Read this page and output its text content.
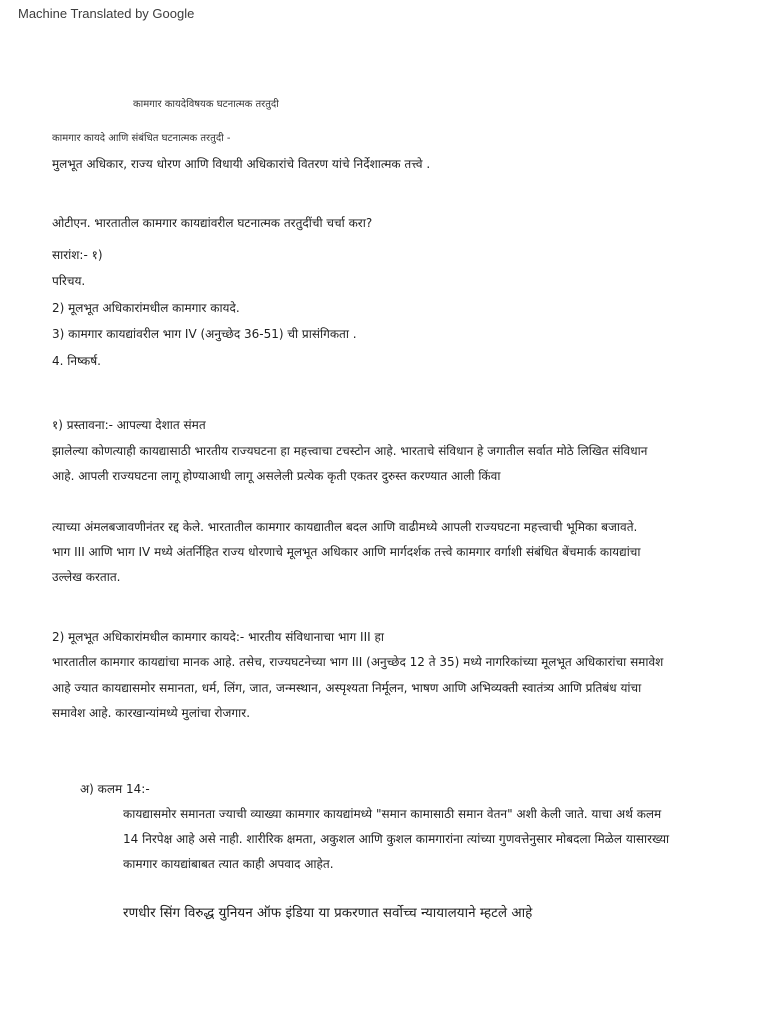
Machine Translated by Google
कामगार कायदेविषयक घटनात्मक तरतुदी
कामगार कायदे आणि संबंधित घटनात्मक तरतुदी -
मुलभूत अधिकार, राज्य धोरण आणि विधायी अधिकारांचे वितरण यांचे निर्देशात्मक तत्त्वे .
ओटीएन. भारतातील कामगार कायद्यांवरील घटनात्मक तरतुदींची चर्चा करा?
सारांश:- १)
परिचय.
2) मूलभूत अधिकारांमधील कामगार कायदे.
3) कामगार कायद्यांवरील भाग IV (अनुच्छेद 36-51) ची प्रासंगिकता .
4. निष्कर्ष.
१) प्रस्तावना:- आपल्या देशात संमत
झालेल्या कोणत्याही कायद्यासाठी भारतीय राज्यघटना हा महत्त्वाचा टचस्टोन आहे. भारताचे संविधान हे जगातील सर्वात मोठे लिखित संविधान
आहे. आपली राज्यघटना लागू होण्याआधी लागू असलेली प्रत्येक कृती एकतर दुरुस्त करण्यात आली किंवा
त्याच्या अंमलबजावणीनंतर रद्द केले. भारतातील कामगार कायद्यातील बदल आणि वाढीमध्ये आपली राज्यघटना महत्त्वाची भूमिका बजावते.
भाग III आणि भाग IV मध्ये अंतर्निहित राज्य धोरणाचे मूलभूत अधिकार आणि मार्गदर्शक तत्त्वे कामगार वर्गाशी संबंधित बेंचमार्क कायद्यांचा
उल्लेख करतात.
2) मूलभूत अधिकारांमधील कामगार कायदे:- भारतीय संविधानाचा भाग III हा
भारतातील कामगार कायद्यांचा मानक आहे. तसेच, राज्यघटनेच्या भाग III (अनुच्छेद 12 ते 35) मध्ये नागरिकांच्या मूलभूत अधिकारांचा समावेश
आहे ज्यात कायद्यासमोर समानता, धर्म, लिंग, जात, जन्मस्थान, अस्पृश्यता निर्मूलन, भाषण आणि अभिव्यक्ती स्वातंत्र्य आणि प्रतिबंध यांचा
समावेश आहे. कारखान्यांमध्ये मुलांचा रोजगार.
अ) कलम 14:-
कायद्यासमोर समानता ज्याची व्याख्या कामगार कायद्यांमध्ये "समान कामासाठी समान वेतन" अशी केली जाते. याचा अर्थ कलम
14 निरपेक्ष आहे असे नाही. शारीरिक क्षमता, अकुशल आणि कुशल कामगारांना त्यांच्या गुणवत्तेनुसार मोबदला मिळेल यासारख्या
कामगार कायद्यांबाबत त्यात काही अपवाद आहेत.
रणधीर सिंग विरुद्ध युनियन ऑफ इंडिया या प्रकरणात सर्वोच्च न्यायालयाने म्हटले आहे
